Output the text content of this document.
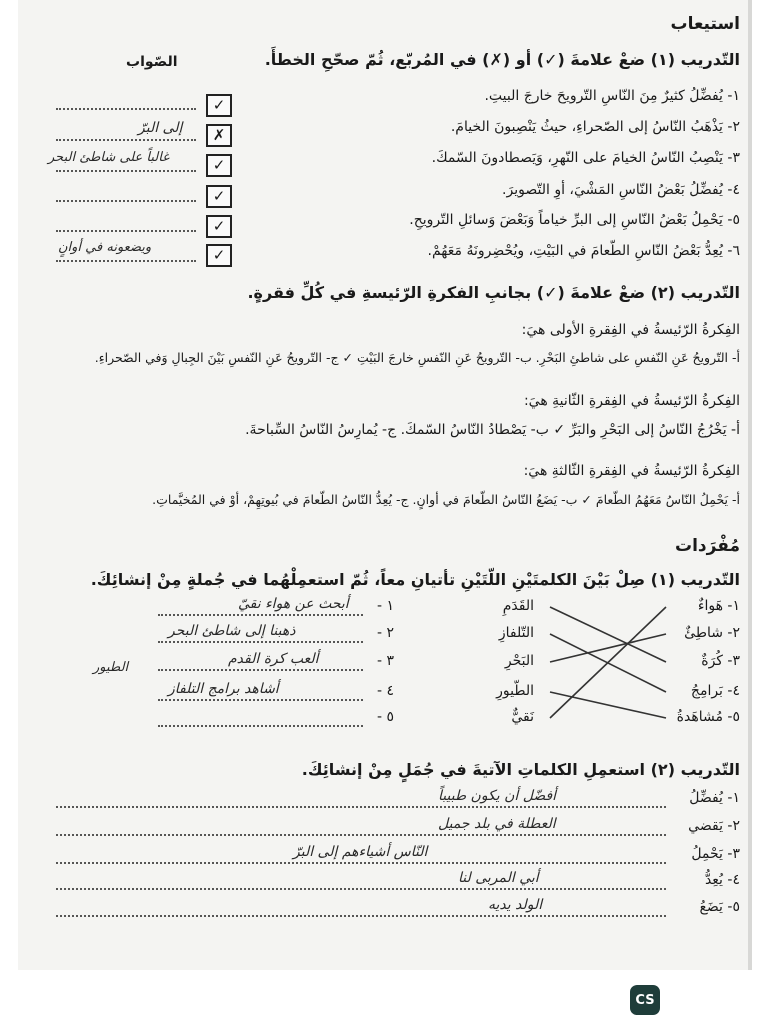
استيعاب
التّدريب (١) ضعْ علامةَ (✓) أو (✗) في المُربّع، ثُمّ صحّحِ الخطأَ.
الصّواب
١- يُفضِّلُ كثيرٌ مِنَ النّاسِ التّرويحَ خارجَ البيتِ.
٢- يَذْهَبُ النّاسُ إلى الصّحراءِ، حيثُ يَنْصِبونَ الخيامَ.
٣- يَنْصِبُ النّاسُ الخيامَ على النّهرِ، وَيَصطادونَ السّمكَ.
٤- يُفضِّلُ بَعْضُ النّاسِ المَشْيَ، أوِ التّصويرَ.
٥- يَحْمِلُ بَعْضُ النّاسِ إلى البرِّ خياماً وَبَعْضَ وَسائلِ التّرويحِ.
٦- يُعِدُّ بَعْضُ النّاسِ الطّعامَ في البَيْتِ، ويُحْضِرونَهُ مَعَهُمْ.
✓
✗
✓
✓
✓
✓
إلى البرّ
غالباً على شاطئ البحر
ويضعونه في أوانٍ
التّدريب (٢) ضعْ علامةَ (✓) بجانبِ الفكرةِ الرّئيسةِ في كُلِّ فقرةٍ.
الفِكرةُ الرّئيسةُ في الفِقرةِ الأولى هيَ:
أ- التّرويحُ عَنِ النّفسِ على شاطئِ البَحْرِ. ب- التّرويحُ عَنِ النّفسِ خارجَ البَيْتِ ✓ ج- التّرويحُ عَنِ النّفسِ بَيْنَ الجِبالِ وَفي الصّحراءِ.
الفِكرةُ الرّئيسةُ في الفِقرةِ الثّانيةِ هيَ:
أ- يَخْرُجُ النّاسُ إلى البَحْرِ والبَرِّ ✓ ب- يَصْطادُ النّاسُ السّمكَ. ج- يُمارِسُ النّاسُ السِّباحةَ.
الفِكرةُ الرّئيسةُ في الفِقرةِ الثّالثةِ هيَ:
أ- يَحْمِلُ النّاسُ مَعَهُمُ الطّعامَ ✓ ب- يَضَعُ النّاسُ الطّعامَ في أوانٍ. ج- يُعِدُّ النّاسُ الطّعامَ في بُيوتِهِمْ، أوْ في المُخيَّماتِ.
مُفْرَدات
التّدريب (١) صِلْ بَيْنَ الكلمتَيْنِ اللّتَيْنِ تأتيانِ معاً، ثُمّ استعمِلْهُما في جُملةٍ مِنْ إنشائِكَ.
١- هَواءٌ
٢- شاطِئٌ
٣- كُرَةٌ
٤- بَرامِجُ
٥- مُشاهَدةُ
القَدَمِ
التّلفازِ
البَحْرِ
الطّيورِ
نَقيٌّ
١ -
٢ -
٣ -
٤ -
٥ -
أبحث عن هواء نقيّ
ذهبنا إلى شاطئ البحر
ألعب كرة القدم
أشاهد برامج التلفاز
الطيور
التّدريب (٢) استعمِلِ الكلماتِ الآتيةَ في جُمَلٍ مِنْ إنشائِكَ.
١- يُفضِّلُ
٢- يَقضي
٣- يَحْمِلُ
٤- يُعِدُّ
٥- يَضَعُ
أفضّل أن يكون طبيباً
العطلة في بلد جميل
النّاس أشياءهم إلى البرّ
أبي المربى لنا
الولد يديه
CS
